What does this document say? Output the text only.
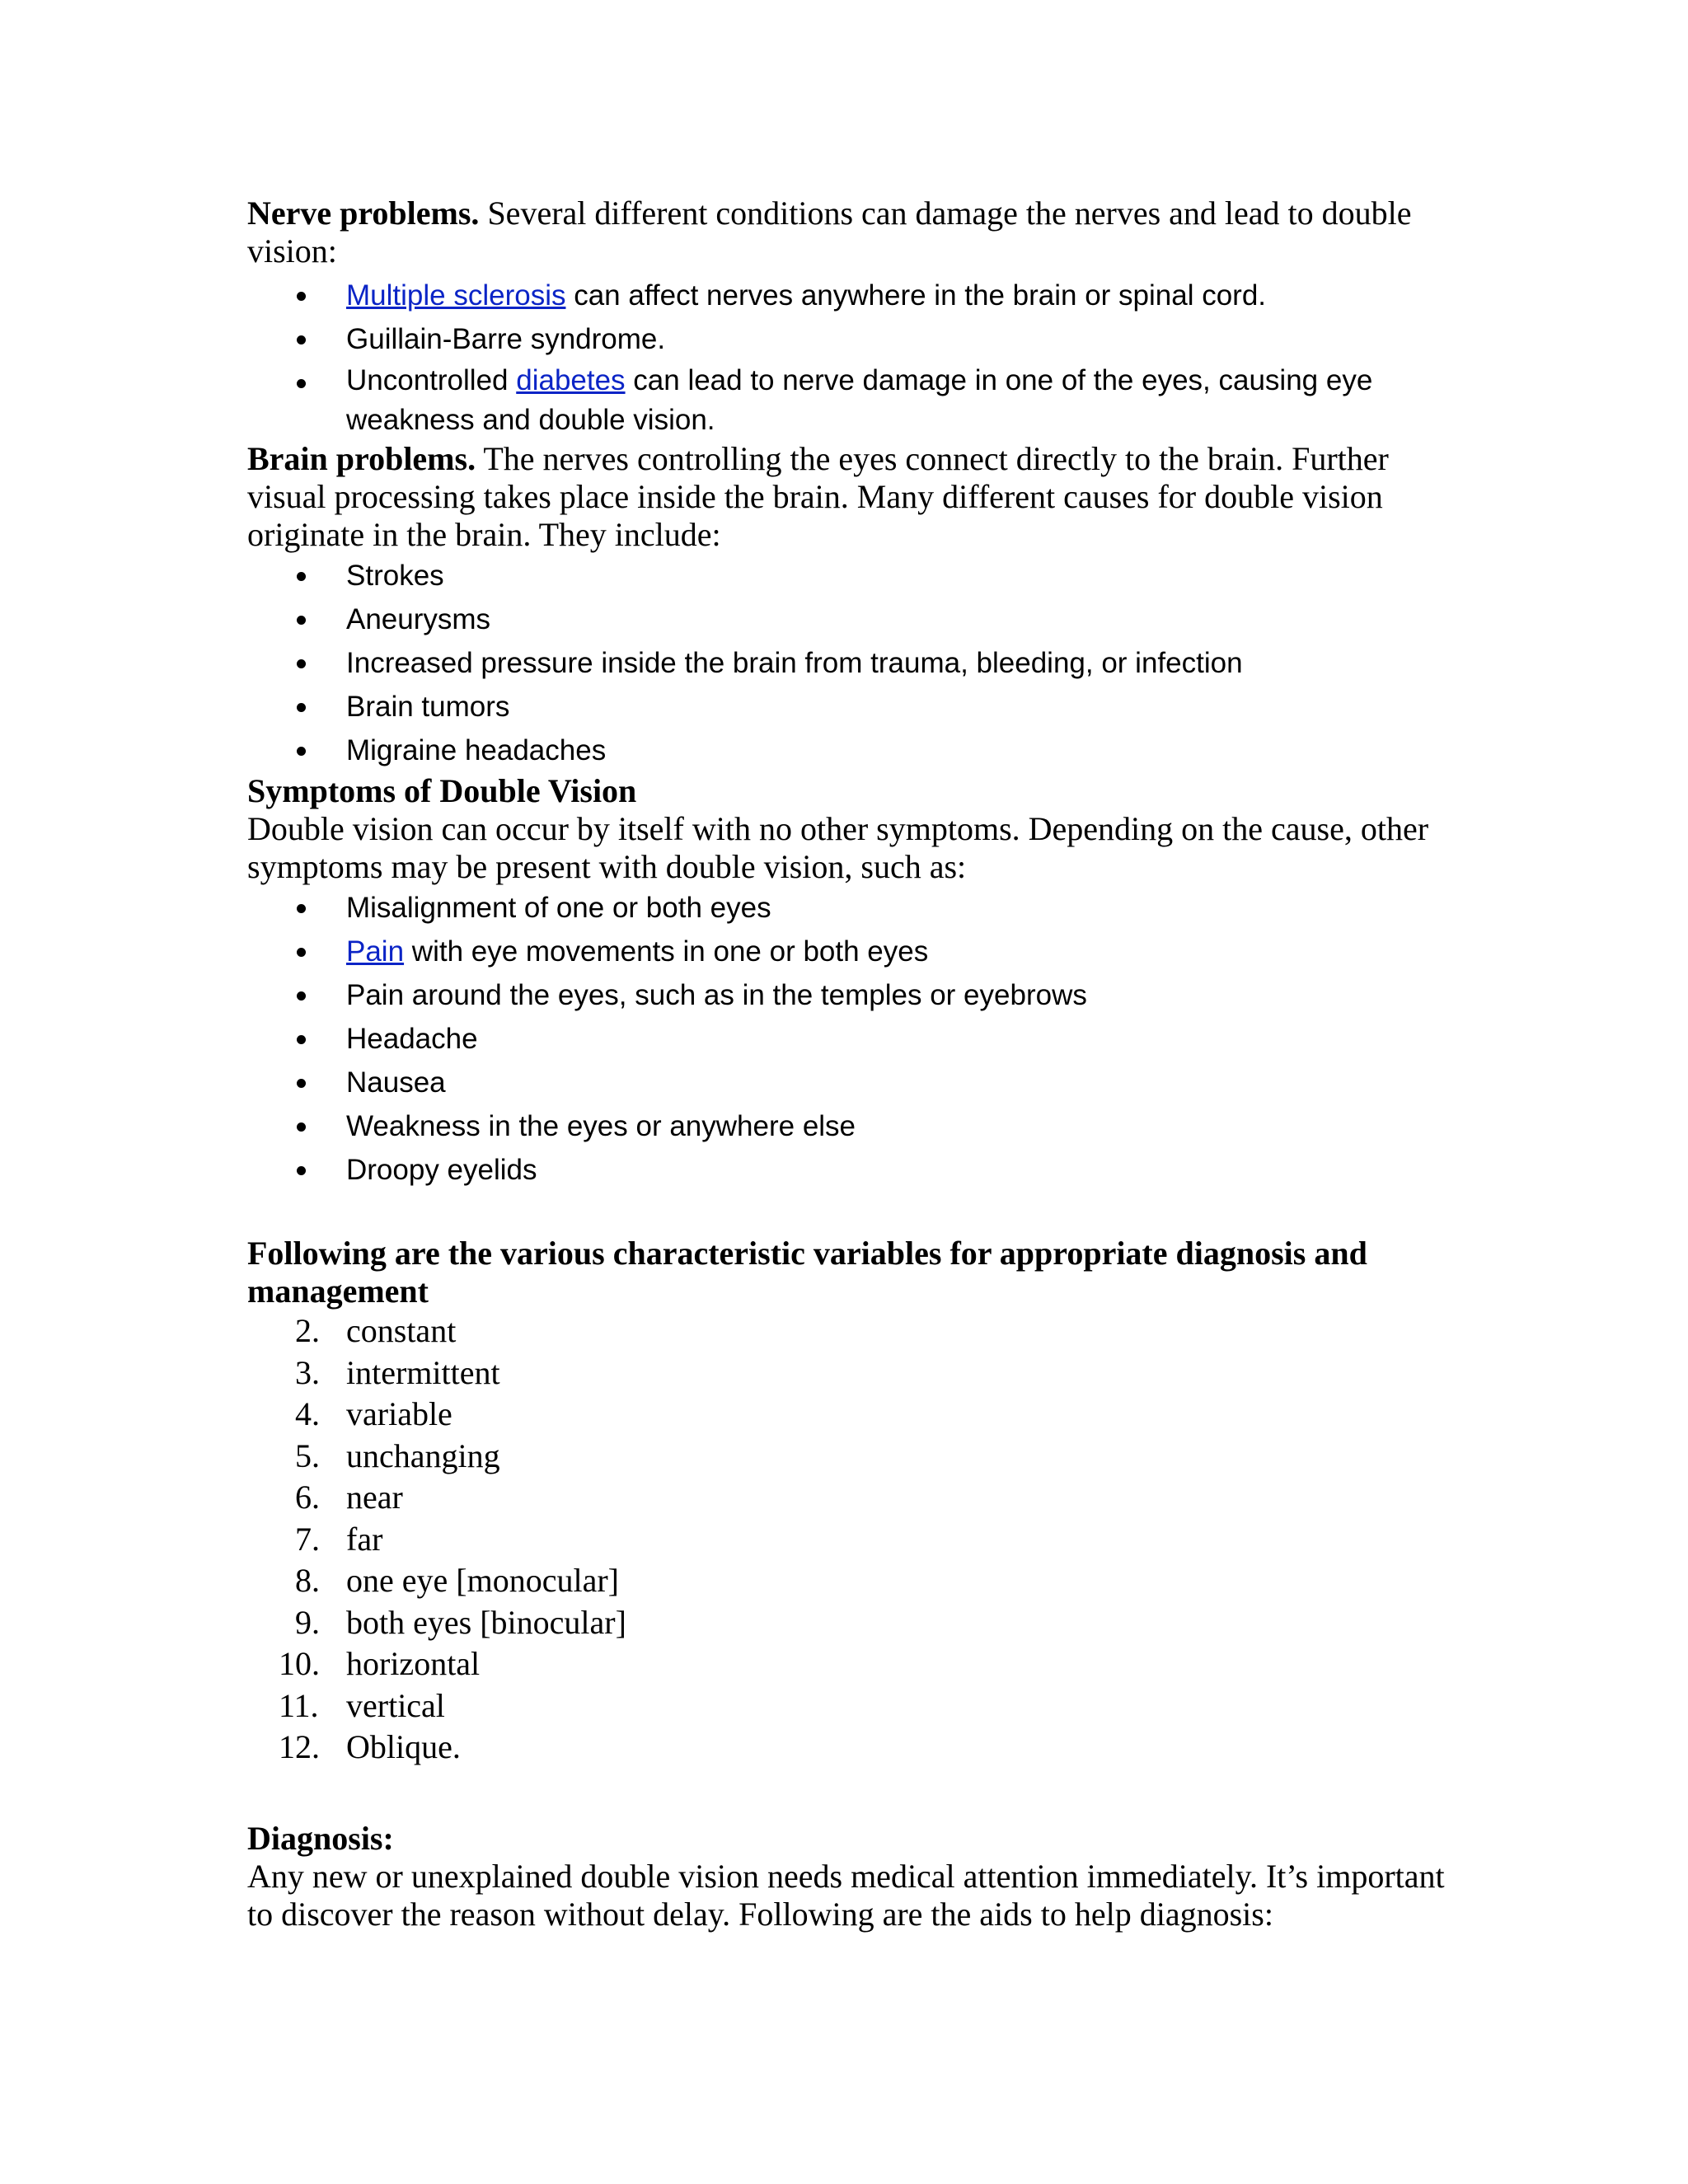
Nerve problems. Several different conditions can damage the nerves and lead to double vision:

Multiple sclerosis can affect nerves anywhere in the brain or spinal cord.
Guillain-Barre syndrome.
Uncontrolled diabetes can lead to nerve damage in one of the eyes, causing eye weakness and double vision.

Brain problems. The nerves controlling the eyes connect directly to the brain. Further visual processing takes place inside the brain. Many different causes for double vision originate in the brain. They include:

Strokes
Aneurysms
Increased pressure inside the brain from trauma, bleeding, or infection
Brain tumors
Migraine headaches

Symptoms of Double Vision

Double vision can occur by itself with no other symptoms. Depending on the cause, other symptoms may be present with double vision, such as:

Misalignment of one or both eyes
Pain with eye movements in one or both eyes
Pain around the eyes, such as in the temples or eyebrows
Headache
Nausea
Weakness in the eyes or anywhere else
Droopy eyelids

Following are the various characteristic variables for appropriate diagnosis and management

2. constant
3. intermittent
4. variable
5. unchanging
6. near
7. far
8. one eye [monocular]
9. both eyes [binocular]
10. horizontal
11. vertical
12. Oblique.

Diagnosis:

Any new or unexplained double vision needs medical attention immediately. It’s important to discover the reason without delay. Following are the aids to help diagnosis:
